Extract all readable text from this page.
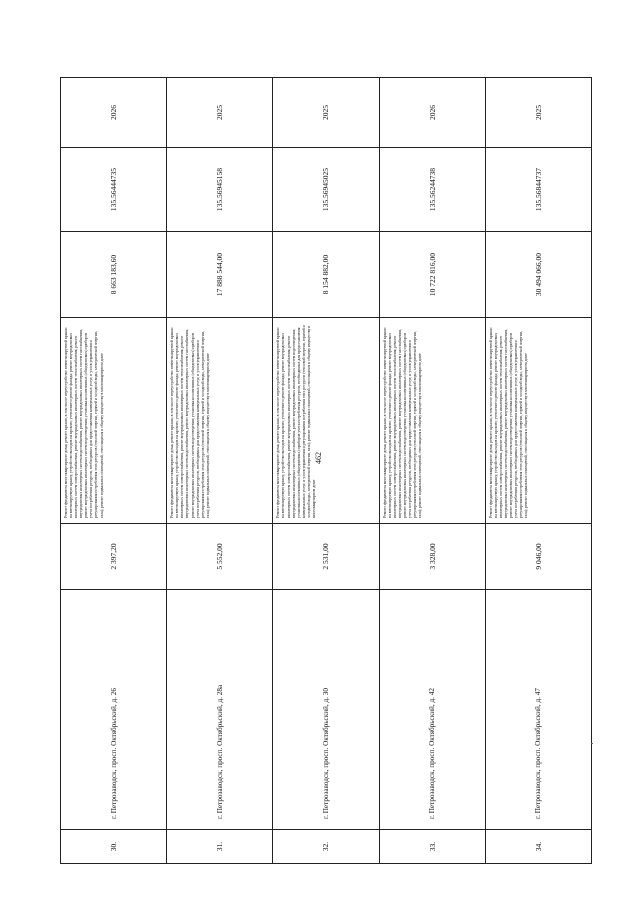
462
30.	г. Петрозаводск, просп. Октябрьский, д. 26	2 397,20	Ремонт фундамента многоквартирного дома; ремонт крыши, в том числе переустройство невентилируемой крыши на вентилируемую крышу, устройство выходов на кровлю; утепление и ремонт фасада; ремонт внутридомовых инженерных систем электроснабжения, ремонт внутридомовых инженерных систем теплоснабжения, ремонт внутридомовых инженерных систем водоснабжения, ремонт внутридомовых инженерных систем газоснабжения, ремонт внутридомовых инженерных систем водоотведения; установка коллективных (общедомовых) приборов учета потребления ресурсов, необходимых для предоставления коммунальных услуг, и узлов управления и регулирования потребления этих ресурсов (тепловой энергии, горячей и холодной воды, электрической энергии, газа); ремонт подвальных помещений, относящихся к общему имуществу в многоквартирном доме	8 663 183,60	135.56444735	2026
31.	г. Петрозаводск, просп. Октябрьский, д. 28а	5 552,00	Ремонт фундамента многоквартирного дома; ремонт крыши, в том числе переустройство невентилируемой крыши на вентилируемую крышу, устройство выходов на кровлю; утепление и ремонт фасада; ремонт внутридомовых инженерных систем электроснабжения, ремонт внутридомовых инженерных систем теплоснабжения, ремонт внутридомовых инженерных систем водоснабжения, ремонт внутридомовых инженерных систем газоснабжения, ремонт внутридомовых инженерных систем водоотведения; установка коллективных (общедомовых) приборов учета потребления ресурсов, необходимых для предоставления коммунальных услуг, и узлов управления и регулирования потребления этих ресурсов (тепловой энергии, горячей и холодной воды, электрической энергии, газа); ремонт подвальных помещений, относящихся к общему имуществу в многоквартирном доме	17 888 544,00	135.56945158	2025
32.	г. Петрозаводск, просп. Октябрьский, д. 30	2 531,00	Ремонт фундамента многоквартирного дома; ремонт крыши, в том числе переустройство невентилируемой крыши на вентилируемую крышу, устройство выходов на кровлю; утепление и ремонт фасада; ремонт внутридомовых инженерных систем электроснабжения, ремонт внутридомовых инженерных систем теплоснабжения, ремонт внутридомовых инженерных систем водоснабжения, ремонт внутридомовых инженерных систем водоотведения; установка коллективных (общедомовых) приборов учета потребления ресурсов, необходимых для предоставления коммунальных услуг, и узлов управления и регулирования потребления этих ресурсов (тепловой энергии, горячей и холодной воды, электрической энергии, газа); ремонт подвальных помещений, относящихся к общему имуществу в многоквартирном доме	8 154 882,00	135.56945025	2025
33.	г. Петрозаводск, просп. Октябрьский, д. 42	3 328,00	Ремонт фундамента многоквартирного дома; ремонт крыши, в том числе переустройство невентилируемой крыши на вентилируемую крышу, устройство выходов на кровлю; утепление и ремонт фасада; ремонт внутридомовых инженерных систем электроснабжения, ремонт внутридомовых инженерных систем теплоснабжения, ремонт внутридомовых инженерных систем водоснабжения, ремонт внутридомовых инженерных систем газоснабжения, ремонт внутридомовых инженерных систем водоотведения; установка коллективных (общедомовых) приборов учета потребления ресурсов, необходимых для предоставления коммунальных услуг, и узлов управления и регулирования потребления этих ресурсов (тепловой энергии, горячей и холодной воды, электрической энергии, газа); ремонт подвальных помещений, относящихся к общему имуществу в многоквартирном доме	10 722 816,00	135.56244738	2026
34.	г. Петрозаводск, просп. Октябрьский, д. 47	9 046,00	Ремонт фундамента многоквартирного дома; ремонт крыши, в том числе переустройство невентилируемой крыши на вентилируемую крышу, устройство выходов на кровлю; утепление и ремонт фасада; ремонт внутридомовых инженерных систем электроснабжения, ремонт внутридомовых инженерных систем теплоснабжения, ремонт внутридомовых инженерных систем водоснабжения, ремонт внутридомовых инженерных систем газоснабжения, ремонт внутридомовых инженерных систем водоотведения; установка коллективных (общедомовых) приборов учета потребления ресурсов, необходимых для предоставления коммунальных услуг, и узлов управления и регулирования потребления этих ресурсов (тепловой энергии, горячей и холодной воды, электрической энергии, газа); ремонт подвальных помещений, относящихся к общему имуществу в многоквартирном доме	30 494 066,00	135.56844737	2025
